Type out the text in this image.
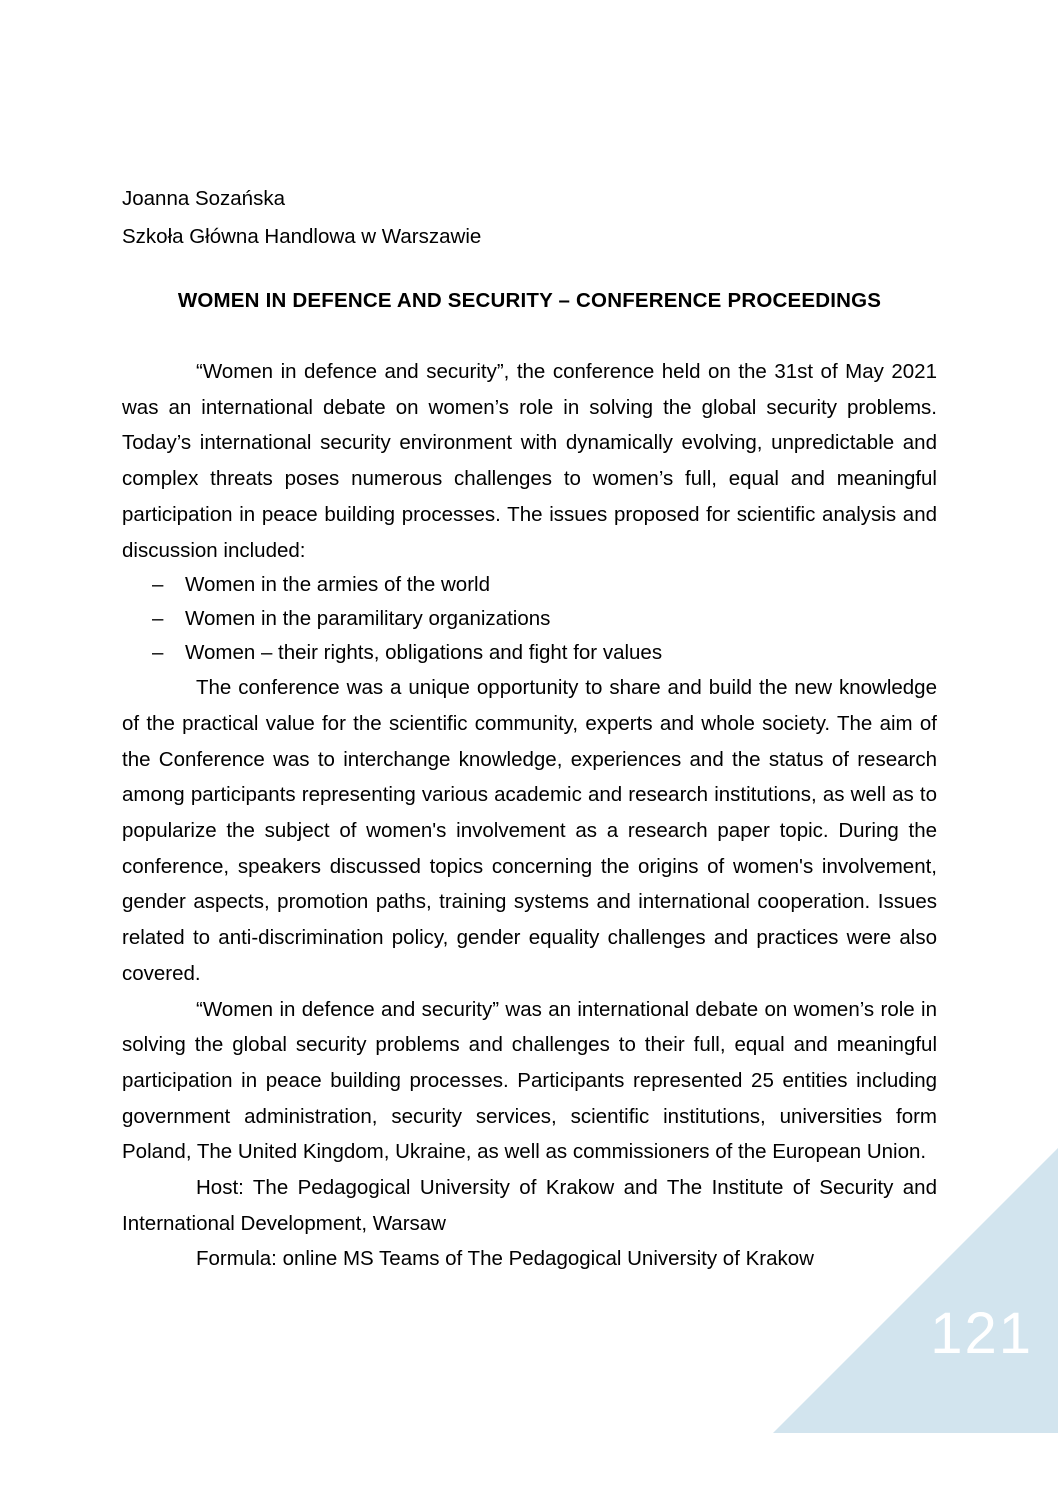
Joanna Sozańska
Szkoła Główna Handlowa w Warszawie
WOMEN IN DEFENCE AND SECURITY – CONFERENCE PROCEEDINGS

“Women in defence and security”, the conference held on the 31st of May 2021 was an international debate on women’s role in solving the global security problems. Today’s international security environment with dynamically evolving, unpredictable and complex threats poses numerous challenges to women’s full, equal and meaningful participation in peace building processes. The issues proposed for scientific analysis and discussion included:

–	Women in the armies of the world
–	Women in the paramilitary organizations
–	Women – their rights, obligations and fight for values

The conference was a unique opportunity to share and build the new knowledge of the practical value for the scientific community, experts and whole society. The aim of the Conference was to interchange knowledge, experiences and the status of research among participants representing various academic and research institutions, as well as to popularize the subject of women's involvement as a research paper topic. During the conference, speakers discussed topics concerning the origins of women's involvement, gender aspects, promotion paths, training systems and international cooperation. Issues related to anti-discrimination policy, gender equality challenges and practices were also covered.

“Women in defence and security” was an international debate on women’s role in solving the global security problems and challenges to their full, equal and meaningful participation in peace building processes. Participants represented 25 entities including government administration, security services, scientific institutions, universities form Poland, The United Kingdom, Ukraine, as well as commissioners of the European Union.

Host: The Pedagogical University of Krakow and The Institute of Security and International Development, Warsaw

Formula: online MS Teams of The Pedagogical University of Krakow

121
